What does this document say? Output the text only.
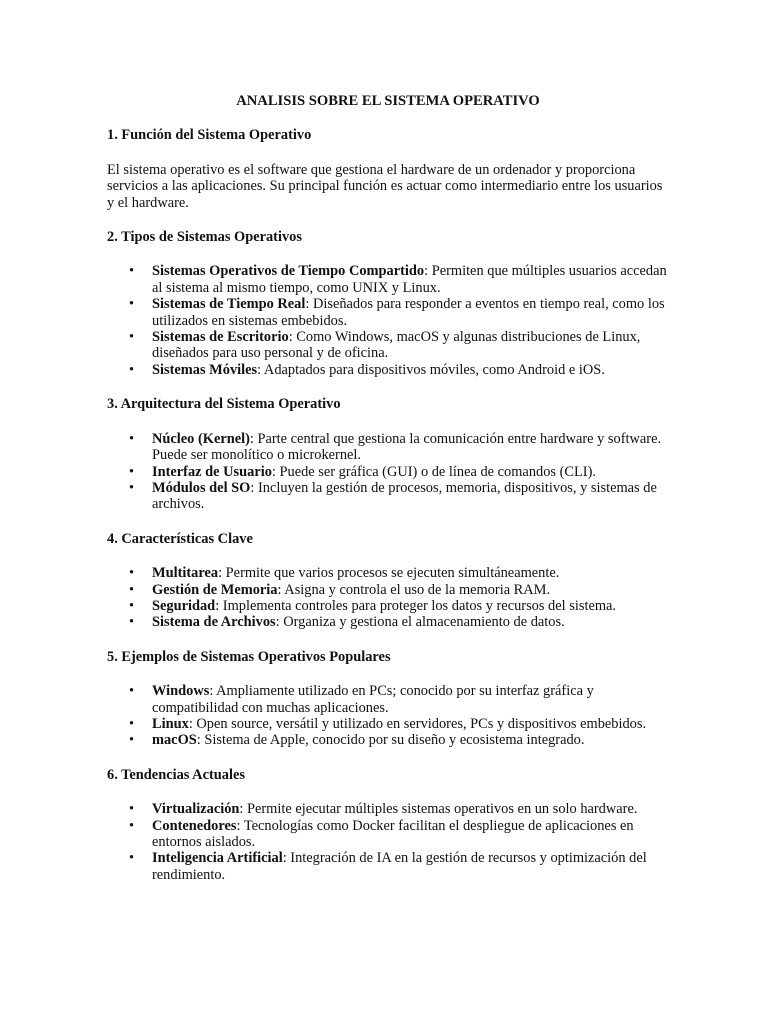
ANALISIS SOBRE EL SISTEMA OPERATIVO
1. Función del Sistema Operativo
El sistema operativo es el software que gestiona el hardware de un ordenador y proporciona servicios a las aplicaciones. Su principal función es actuar como intermediario entre los usuarios y el hardware.
2. Tipos de Sistemas Operativos
• Sistemas Operativos de Tiempo Compartido: Permiten que múltiples usuarios accedan al sistema al mismo tiempo, como UNIX y Linux.
• Sistemas de Tiempo Real: Diseñados para responder a eventos en tiempo real, como los utilizados en sistemas embebidos.
• Sistemas de Escritorio: Como Windows, macOS y algunas distribuciones de Linux, diseñados para uso personal y de oficina.
• Sistemas Móviles: Adaptados para dispositivos móviles, como Android e iOS.
3. Arquitectura del Sistema Operativo
• Núcleo (Kernel): Parte central que gestiona la comunicación entre hardware y software. Puede ser monolítico o microkernel.
• Interfaz de Usuario: Puede ser gráfica (GUI) o de línea de comandos (CLI).
• Módulos del SO: Incluyen la gestión de procesos, memoria, dispositivos, y sistemas de archivos.
4. Características Clave
• Multitarea: Permite que varios procesos se ejecuten simultáneamente.
• Gestión de Memoria: Asigna y controla el uso de la memoria RAM.
• Seguridad: Implementa controles para proteger los datos y recursos del sistema.
• Sistema de Archivos: Organiza y gestiona el almacenamiento de datos.
5. Ejemplos de Sistemas Operativos Populares
• Windows: Ampliamente utilizado en PCs; conocido por su interfaz gráfica y compatibilidad con muchas aplicaciones.
• Linux: Open source, versátil y utilizado en servidores, PCs y dispositivos embebidos.
• macOS: Sistema de Apple, conocido por su diseño y ecosistema integrado.
6. Tendencias Actuales
• Virtualización: Permite ejecutar múltiples sistemas operativos en un solo hardware.
• Contenedores: Tecnologías como Docker facilitan el despliegue de aplicaciones en entornos aislados.
• Inteligencia Artificial: Integración de IA en la gestión de recursos y optimización del rendimiento.
